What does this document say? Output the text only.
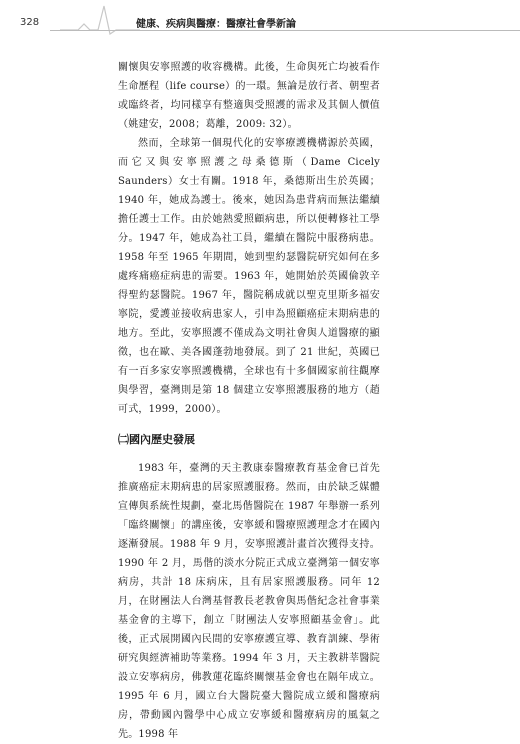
328	健康、疾病與醫療：醫療社會學新論

關懷與安寧照護的收容機構。此後，生命與死亡均被看作生命歷程（life course）的一環。無論是放行者、朝聖者或臨終者，均同樣享有整適與受照護的需求及其個人價值（姚建安，2008；葛離，2009: 32）。

然而，全球第一個現代化的安寧療護機構源於英國，而它又與安寧照護之母桑德斯（Dame Cicely Saunders）女士有關。1918 年，桑德斯出生於英國；1940 年，她成為護士。後來，她因為患背病而無法繼續擔任護士工作。由於她熱愛照顧病患，所以便轉修社工學分。1947 年，她成為社工員，繼續在醫院中服務病患。1958 年至 1965 年期間，她到聖約瑟醫院研究如何在多處疼痛癌症病患的需要。1963 年，她開始於英國倫敦辛得聖約瑟醫院。1967 年，醫院稱成就以聖克里斯多福安寧院，愛護並接收病患家人，引申為照顧癌症末期病患的地方。至此，安寧照護不僅成為文明社會與人道醫療的顯徵，也在歐、美各國蓬勃地發展。到了 21 世紀，英國已有一百多家安寧照護機構，全球也有十多個國家前往觀摩與學習，臺灣則是第 18 個建立安寧照護服務的地方（趙可式，1999，2000）。

㈡國內歷史發展

1983 年，臺灣的天主教康泰醫療教育基金會已首先推廣癌症末期病患的居家照護服務。然而，由於缺乏媒體宣傳與系統性規劃，臺北馬偕醫院在 1987 年舉辦一系列「臨終關懷」的講座後，安寧緩和醫療照護理念才在國內逐漸發展。1988 年 9 月，安寧照護計畫首次獲得支持。1990 年 2 月，馬偕的淡水分院正式成立臺灣第一個安寧病房，共計 18 床病床，且有居家照護服務。同年 12 月，在財團法人台灣基督教長老教會與馬偕紀念社會事業基金會的主導下，創立「財團法人安寧照顧基金會」。此後，正式展開國內民間的安寧療護宣導、教育訓練、學術研究與經濟補助等業務。1994 年 3 月，天主教耕莘醫院設立安寧病房，佛教蓮花臨終關懷基金會也在隔年成立。1995 年 6 月，國立台大醫院臺大醫院成立緩和醫療病房，帶動國內醫學中心成立安寧緩和醫療病房的風氣之先。1998 年
